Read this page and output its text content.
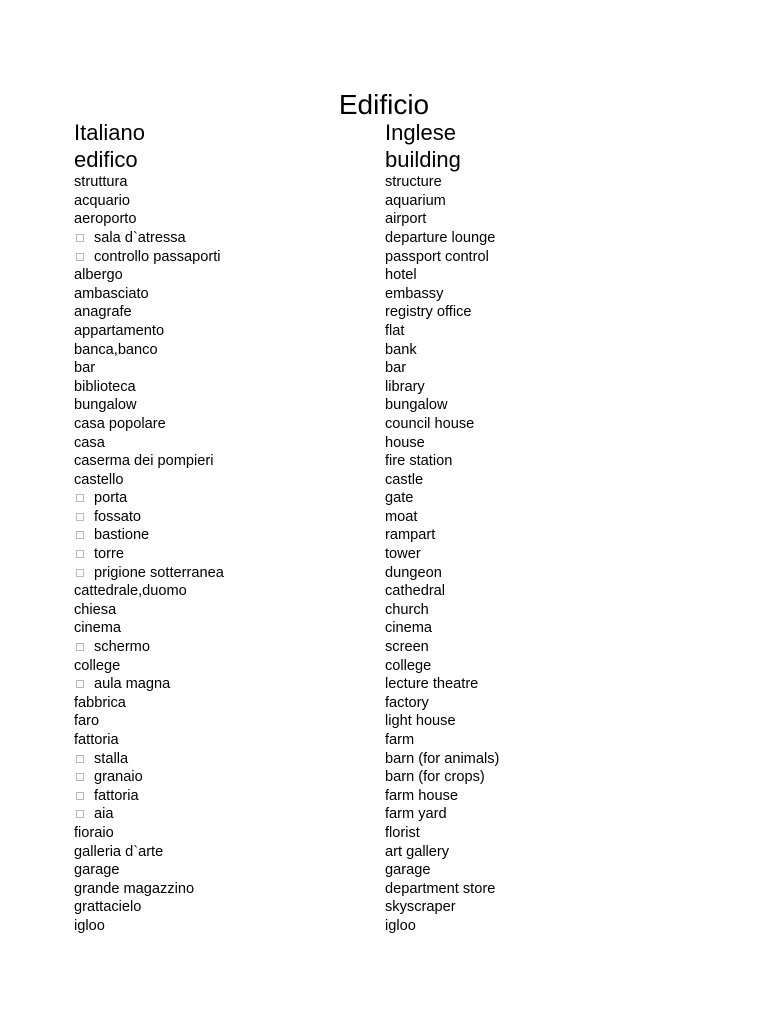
Edificio
Italiano
edifico
struttura
acquario
aeroporto
sala d`atressa
controllo passaporti
albergo
ambasciato
anagrafe
appartamento
banca,banco
bar
biblioteca
bungalow
casa popolare
casa
caserma dei pompieri
castello
porta
fossato
bastione
torre
prigione sotterranea
cattedrale,duomo
chiesa
cinema
schermo
college
aula magna
fabbrica
faro
fattoria
stalla
granaio
fattoria
aia
fioraio
galleria d`arte
garage
grande magazzino
grattacielo
igloo
Inglese
building
structure
aquarium
airport
departure lounge
passport control
hotel
embassy
registry office
flat
bank
bar
library
bungalow
council house
house
fire station
castle
gate
moat
rampart
tower
dungeon
cathedral
church
cinema
screen
college
lecture theatre
factory
light house
farm
barn (for animals)
barn (for crops)
farm house
farm yard
florist
art gallery
garage
department store
skyscraper
igloo
